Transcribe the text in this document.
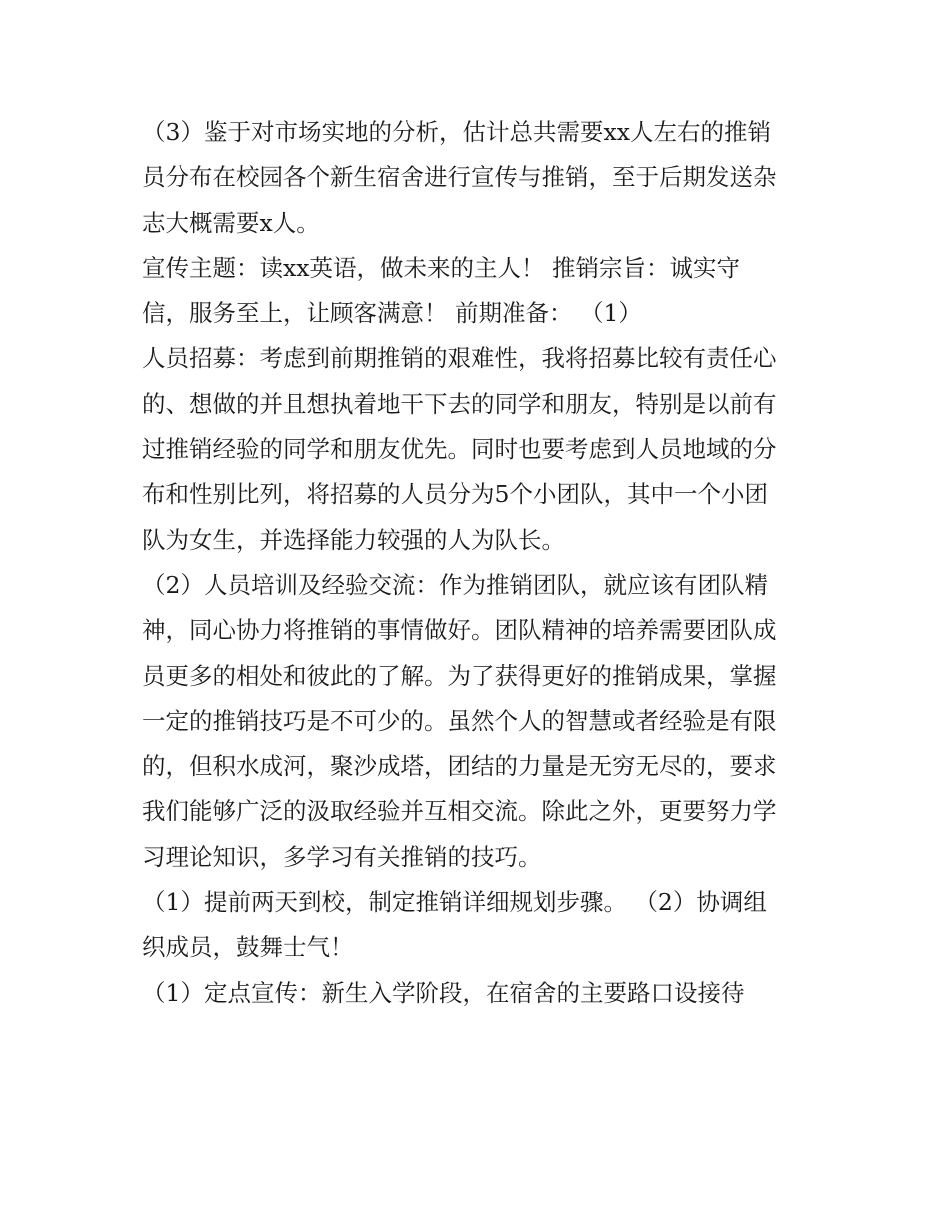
（3）鉴于对市场实地的分析，估计总共需要xx人左右的推销
员分布在校园各个新生宿舍进行宣传与推销，至于后期发送杂
志大概需要x人。
宣传主题：读xx英语，做未来的主人！ 推销宗旨：诚实守
信，服务至上，让顾客满意！ 前期准备： （1）
人员招募：考虑到前期推销的艰难性，我将招募比较有责任心
的、想做的并且想执着地干下去的同学和朋友，特别是以前有
过推销经验的同学和朋友优先。同时也要考虑到人员地域的分
布和性别比列，将招募的人员分为5个小团队，其中一个小团
队为女生，并选择能力较强的人为队长。
（2）人员培训及经验交流：作为推销团队，就应该有团队精
神，同心协力将推销的事情做好。团队精神的培养需要团队成
员更多的相处和彼此的了解。为了获得更好的推销成果，掌握
一定的推销技巧是不可少的。虽然个人的智慧或者经验是有限
的，但积水成河，聚沙成塔，团结的力量是无穷无尽的，要求
我们能够广泛的汲取经验并互相交流。除此之外，更要努力学
习理论知识，多学习有关推销的技巧。
（1）提前两天到校，制定推销详细规划步骤。 （2）协调组
织成员，鼓舞士气！
（1）定点宣传：新生入学阶段，在宿舍的主要路口设接待
